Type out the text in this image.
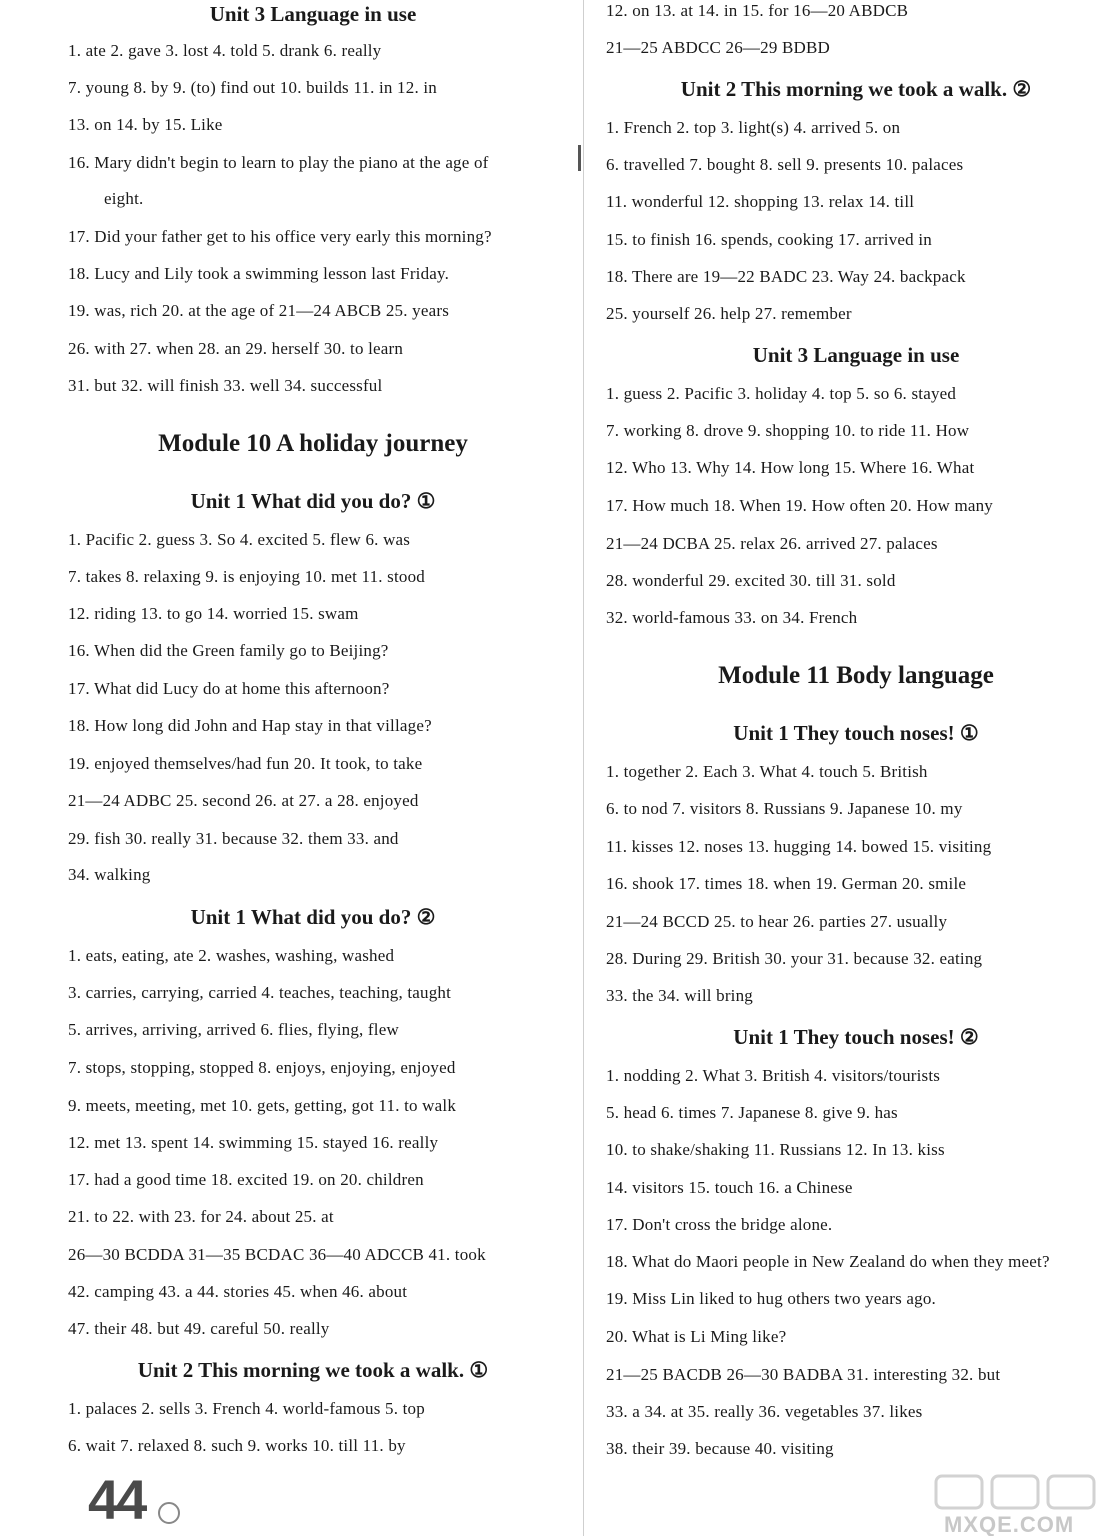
Unit 3 Language in use
1. ate 2. gave 3. lost 4. told 5. drank 6. really
7. young 8. by 9. (to) find out 10. builds 11. in 12. in
13. on 14. by 15. Like
16. Mary didn't begin to learn to play the piano at the age of
eight.
17. Did your father get to his office very early this morning?
18. Lucy and Lily took a swimming lesson last Friday.
19. was, rich 20. at the age of 21—24 ABCB 25. years
26. with 27. when 28. an 29. herself 30. to learn
31. but 32. will finish 33. well 34. successful
Module 10 A holiday journey
Unit 1 What did you do? ①
1. Pacific 2. guess 3. So 4. excited 5. flew 6. was
7. takes 8. relaxing 9. is enjoying 10. met 11. stood
12. riding 13. to go 14. worried 15. swam
16. When did the Green family go to Beijing?
17. What did Lucy do at home this afternoon?
18. How long did John and Hap stay in that village?
19. enjoyed themselves/had fun 20. It took, to take
21—24 ADBC 25. second 26. at 27. a 28. enjoyed
29. fish 30. really 31. because 32. them 33. and
34. walking
Unit 1 What did you do? ②
1. eats, eating, ate 2. washes, washing, washed
3. carries, carrying, carried 4. teaches, teaching, taught
5. arrives, arriving, arrived 6. flies, flying, flew
7. stops, stopping, stopped 8. enjoys, enjoying, enjoyed
9. meets, meeting, met 10. gets, getting, got 11. to walk
12. met 13. spent 14. swimming 15. stayed 16. really
17. had a good time 18. excited 19. on 20. children
21. to 22. with 23. for 24. about 25. at
26—30 BCDDA 31—35 BCDAC 36—40 ADCCB 41. took
42. camping 43. a 44. stories 45. when 46. about
47. their 48. but 49. careful 50. really
Unit 2 This morning we took a walk. ①
1. palaces 2. sells 3. French 4. world-famous 5. top
6. wait 7. relaxed 8. such 9. works 10. till 11. by
12. on 13. at 14. in 15. for 16—20 ABDCB
21—25 ABDCC 26—29 BDBD
Unit 2 This morning we took a walk. ②
1. French 2. top 3. light(s) 4. arrived 5. on
6. travelled 7. bought 8. sell 9. presents 10. palaces
11. wonderful 12. shopping 13. relax 14. till
15. to finish 16. spends, cooking 17. arrived in
18. There are 19—22 BADC 23. Way 24. backpack
25. yourself 26. help 27. remember
Unit 3 Language in use
1. guess 2. Pacific 3. holiday 4. top 5. so 6. stayed
7. working 8. drove 9. shopping 10. to ride 11. How
12. Who 13. Why 14. How long 15. Where 16. What
17. How much 18. When 19. How often 20. How many
21—24 DCBA 25. relax 26. arrived 27. palaces
28. wonderful 29. excited 30. till 31. sold
32. world-famous 33. on 34. French
Module 11 Body language
Unit 1 They touch noses! ①
1. together 2. Each 3. What 4. touch 5. British
6. to nod 7. visitors 8. Russians 9. Japanese 10. my
11. kisses 12. noses 13. hugging 14. bowed 15. visiting
16. shook 17. times 18. when 19. German 20. smile
21—24 BCCD 25. to hear 26. parties 27. usually
28. During 29. British 30. your 31. because 32. eating
33. the 34. will bring
Unit 1 They touch noses! ②
1. nodding 2. What 3. British 4. visitors/tourists
5. head 6. times 7. Japanese 8. give 9. has
10. to shake/shaking 11. Russians 12. In 13. kiss
14. visitors 15. touch 16. a Chinese
17. Don't cross the bridge alone.
18. What do Maori people in New Zealand do when they meet?
19. Miss Lin liked to hug others two years ago.
20. What is Li Ming like?
21—25 BACDB 26—30 BADBA 31. interesting 32. but
33. a 34. at 35. really 36. vegetables 37. likes
38. their 39. because 40. visiting
44	MXQE.COM
